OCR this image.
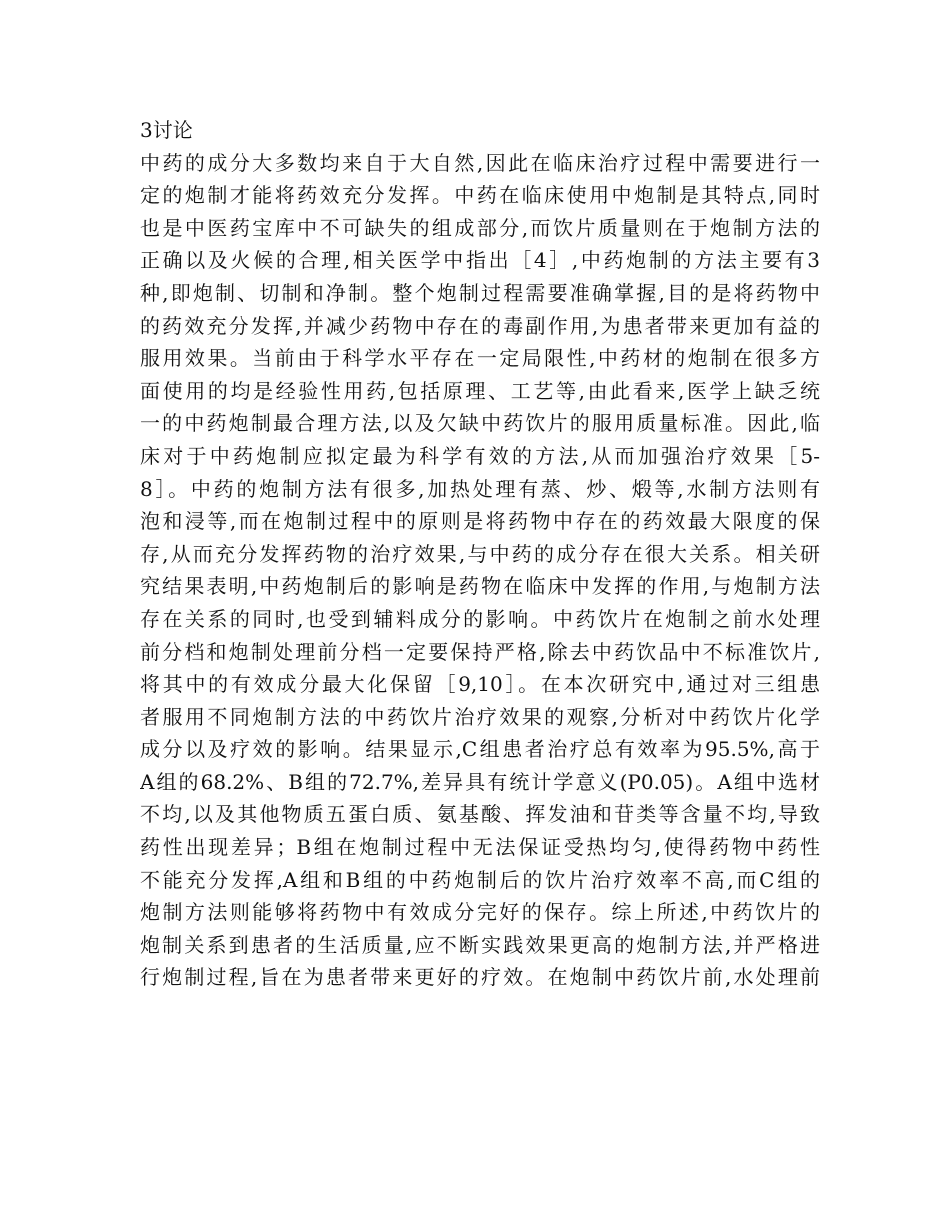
3讨论
中药的成分大多数均来自于大自然,因此在临床治疗过程中需要进行一
定的炮制才能将药效充分发挥。中药在临床使用中炮制是其特点,同时
也是中医药宝库中不可缺失的组成部分,而饮片质量则在于炮制方法的
正确以及火候的合理,相关医学中指出［4］,中药炮制的方法主要有3
种,即炮制、切制和净制。整个炮制过程需要准确掌握,目的是将药物中
的药效充分发挥,并减少药物中存在的毒副作用,为患者带来更加有益的
服用效果。当前由于科学水平存在一定局限性,中药材的炮制在很多方
面使用的均是经验性用药,包括原理、工艺等,由此看来,医学上缺乏统
一的中药炮制最合理方法,以及欠缺中药饮片的服用质量标准。因此,临
床对于中药炮制应拟定最为科学有效的方法,从而加强治疗效果［5-
8］。中药的炮制方法有很多,加热处理有蒸、炒、煅等,水制方法则有
泡和浸等,而在炮制过程中的原则是将药物中存在的药效最大限度的保
存,从而充分发挥药物的治疗效果,与中药的成分存在很大关系。相关研
究结果表明,中药炮制后的影响是药物在临床中发挥的作用,与炮制方法
存在关系的同时,也受到辅料成分的影响。中药饮片在炮制之前水处理
前分档和炮制处理前分档一定要保持严格,除去中药饮品中不标准饮片,
将其中的有效成分最大化保留［9,10］。在本次研究中,通过对三组患
者服用不同炮制方法的中药饮片治疗效果的观察,分析对中药饮片化学
成分以及疗效的影响。结果显示,C组患者治疗总有效率为95.5%,高于
A组的68.2%、B组的72.7%,差异具有统计学意义(P0.05)。A组中选材
不均,以及其他物质五蛋白质、氨基酸、挥发油和苷类等含量不均,导致
药性出现差异；B组在炮制过程中无法保证受热均匀,使得药物中药性
不能充分发挥,A组和B组的中药炮制后的饮片治疗效率不高,而C组的
炮制方法则能够将药物中有效成分完好的保存。综上所述,中药饮片的
炮制关系到患者的生活质量,应不断实践效果更高的炮制方法,并严格进
行炮制过程,旨在为患者带来更好的疗效。在炮制中药饮片前,水处理前
